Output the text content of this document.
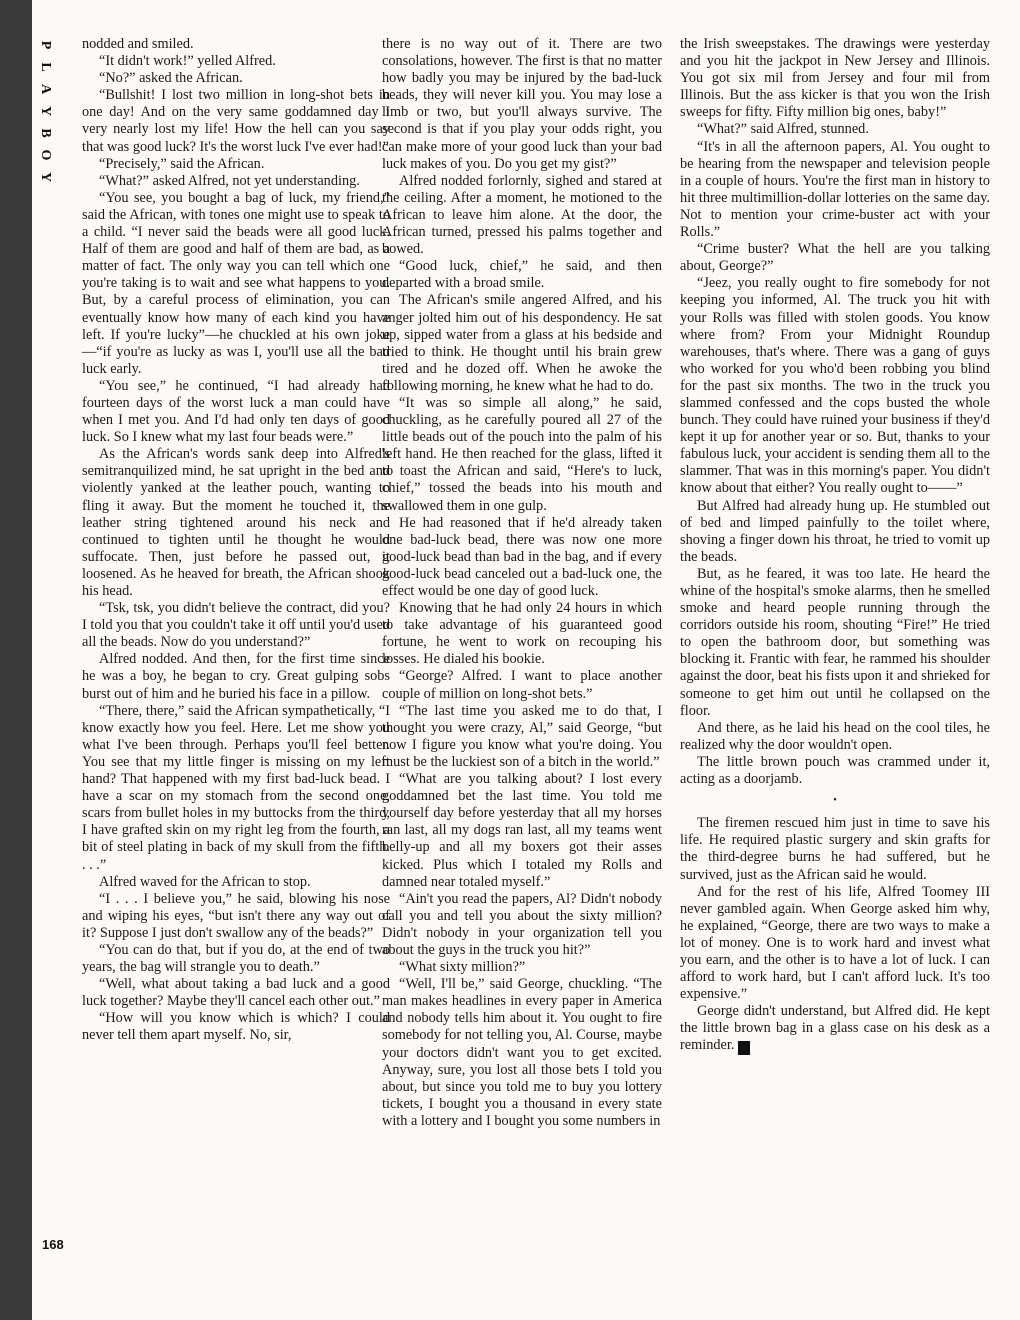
P
L
A
Y
B
O
Y

nodded and smiled.

“It didn't work!” yelled Alfred.

“No?” asked the African.

“Bullshit! I lost two million in long-shot bets in one day! And on the very same goddamned day I very nearly lost my life! How the hell can you say that was good luck? It's the worst luck I've ever had!”

“Precisely,” said the African.

“What?” asked Alfred, not yet understanding.

“You see, you bought a bag of luck, my friend,” said the African, with tones one might use to speak to a child. “I never said the beads were all good luck. Half of them are good and half of them are bad, as a matter of fact. The only way you can tell which one you're taking is to wait and see what happens to you. But, by a careful process of elimination, you can eventually know how many of each kind you have left. If you're lucky”—he chuckled at his own joke—“if you're as lucky as was I, you'll use all the bad luck early.

“You see,” he continued, “I had already had fourteen days of the worst luck a man could have when I met you. And I'd had only ten days of good luck. So I knew what my last four beads were.”

As the African's words sank deep into Alfred's semitranquilized mind, he sat upright in the bed and violently yanked at the leather pouch, wanting to fling it away. But the moment he touched it, the leather string tightened around his neck and continued to tighten until he thought he would suffocate. Then, just before he passed out, it loosened. As he heaved for breath, the African shook his head.

“Tsk, tsk, you didn't believe the contract, did you? I told you that you couldn't take it off until you'd used all the beads. Now do you understand?”

Alfred nodded. And then, for the first time since he was a boy, he began to cry. Great gulping sobs burst out of him and he buried his face in a pillow.

“There, there,” said the African sympathetically, “I know exactly how you feel. Here. Let me show you what I've been through. Perhaps you'll feel better. You see that my little finger is missing on my left hand? That happened with my first bad-luck bead. I have a scar on my stomach from the second one, scars from bullet holes in my buttocks from the third, I have grafted skin on my right leg from the fourth, a bit of steel plating in back of my skull from the fifth. . . .”

Alfred waved for the African to stop.

“I . . . I believe you,” he said, blowing his nose and wiping his eyes, “but isn't there any way out of it? Suppose I just don't swallow any of the beads?”

“You can do that, but if you do, at the end of two years, the bag will strangle you to death.”

“Well, what about taking a bad luck and a good luck together? Maybe they'll cancel each other out.”

“How will you know which is which? I could never tell them apart myself. No, sir,

there is no way out of it. There are two consolations, however. The first is that no matter how badly you may be injured by the bad-luck beads, they will never kill you. You may lose a limb or two, but you'll always survive. The second is that if you play your odds right, you can make more of your good luck than your bad luck makes of you. Do you get my gist?”

Alfred nodded forlornly, sighed and stared at the ceiling. After a moment, he motioned to the African to leave him alone. At the door, the African turned, pressed his palms together and bowed.

“Good luck, chief,” he said, and then departed with a broad smile.

The African's smile angered Alfred, and his anger jolted him out of his despondency. He sat up, sipped water from a glass at his bedside and tried to think. He thought until his brain grew tired and he dozed off. When he awoke the following morning, he knew what he had to do.

“It was so simple all along,” he said, chuckling, as he carefully poured all 27 of the little beads out of the pouch into the palm of his left hand. He then reached for the glass, lifted it to toast the African and said, “Here's to luck, chief,” tossed the beads into his mouth and swallowed them in one gulp.

He had reasoned that if he'd already taken one bad-luck bead, there was now one more good-luck bead than bad in the bag, and if every good-luck bead canceled out a bad-luck one, the effect would be one day of good luck.

Knowing that he had only 24 hours in which to take advantage of his guaranteed good fortune, he went to work on recouping his losses. He dialed his bookie.

“George? Alfred. I want to place another couple of million on long-shot bets.”

“The last time you asked me to do that, I thought you were crazy, Al,” said George, “but now I figure you know what you're doing. You must be the luckiest son of a bitch in the world.”

“What are you talking about? I lost every goddamned bet the last time. You told me yourself day before yesterday that all my horses ran last, all my dogs ran last, all my teams went belly-up and all my boxers got their asses kicked. Plus which I totaled my Rolls and damned near totaled myself.”

“Ain't you read the papers, Al? Didn't nobody call you and tell you about the sixty million? Didn't nobody in your organization tell you about the guys in the truck you hit?”

“What sixty million?”

“Well, I'll be,” said George, chuckling. “The man makes headlines in every paper in America and nobody tells him about it. You ought to fire somebody for not telling you, Al. Course, maybe your doctors didn't want you to get excited. Anyway, sure, you lost all those bets I told you about, but since you told me to buy you lottery tickets, I bought you a thousand in every state with a lottery and I bought you some numbers in

the Irish sweepstakes. The drawings were yesterday and you hit the jackpot in New Jersey and Illinois. You got six mil from Jersey and four mil from Illinois. But the ass kicker is that you won the Irish sweeps for fifty. Fifty million big ones, baby!”

“What?” said Alfred, stunned.

“It's in all the afternoon papers, Al. You ought to be hearing from the newspaper and television people in a couple of hours. You're the first man in history to hit three multimillion-dollar lotteries on the same day. Not to mention your crime-buster act with your Rolls.”

“Crime buster? What the hell are you talking about, George?”

“Jeez, you really ought to fire somebody for not keeping you informed, Al. The truck you hit with your Rolls was filled with stolen goods. You know where from? From your Midnight Roundup warehouses, that's where. There was a gang of guys who worked for you who'd been robbing you blind for the past six months. The two in the truck you slammed confessed and the cops busted the whole bunch. They could have ruined your business if they'd kept it up for another year or so. But, thanks to your fabulous luck, your accident is sending them all to the slammer. That was in this morning's paper. You didn't know about that either? You really ought to——”

But Alfred had already hung up. He stumbled out of bed and limped painfully to the toilet where, shoving a finger down his throat, he tried to vomit up the beads.

But, as he feared, it was too late. He heard the whine of the hospital's smoke alarms, then he smelled smoke and heard people running through the corridors outside his room, shouting “Fire!” He tried to open the bathroom door, but something was blocking it. Frantic with fear, he rammed his shoulder against the door, beat his fists upon it and shrieked for someone to get him out until he collapsed on the floor.

And there, as he laid his head on the cool tiles, he realized why the door wouldn't open.

The little brown pouch was crammed under it, acting as a doorjamb.

•

The firemen rescued him just in time to save his life. He required plastic surgery and skin grafts for the third-degree burns he had suffered, but he survived, just as the African said he would.

And for the rest of his life, Alfred Toomey III never gambled again. When George asked him why, he explained, “George, there are two ways to make a lot of money. One is to work hard and invest what you earn, and the other is to have a lot of luck. I can afford to work hard, but I can't afford luck. It's too expensive.”

George didn't understand, but Alfred did. He kept the little brown bag in a glass case on his desk as a reminder. ❦

168
